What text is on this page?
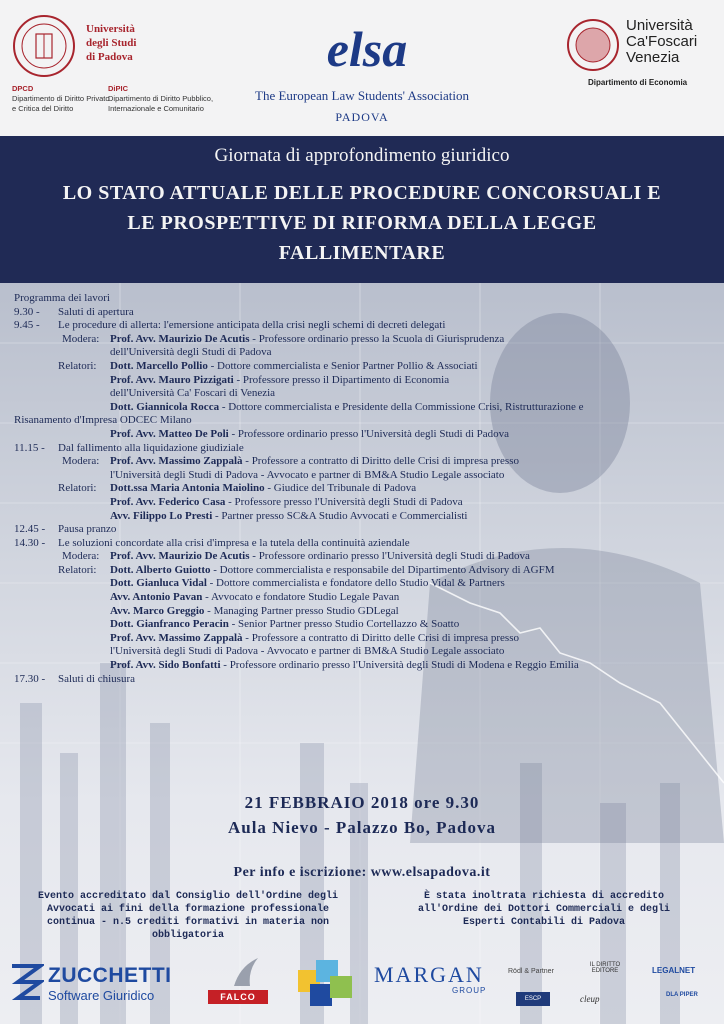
Università
degli Studi
di Padova
DPCD
Dipartimento di Diritto Privato
e Critica del Diritto
DiPIC
Dipartimento di Diritto Pubblico,
Internazionale e Comunitario
elsa
The European Law Students' Association
PADOVA
Università
Ca'Foscari
Venezia
Dipartimento di Economia
Giornata di approfondimento giuridico
LO STATO ATTUALE DELLE PROCEDURE CONCORSUALI E
LE PROSPETTIVE DI RIFORMA DELLA LEGGE
FALLIMENTARE
Programma dei lavori
9.30 - Saluti di apertura
9.45 - Le procedure di allerta: l'emersione anticipata della crisi negli schemi di decreti delegati
Modera: Prof. Avv. Maurizio De Acutis - Professore ordinario presso la Scuola di Giurisprudenza
dell'Università degli Studi di Padova
Relatori: Dott. Marcello Pollio - Dottore commercialista e Senior Partner Pollio & Associati
Prof. Avv. Mauro Pizzigati - Professore presso il Dipartimento di Economia
dell'Università Ca' Foscari di Venezia
Dott. Giannicola Rocca - Dottore commercialista e Presidente della Commissione Crisi, Ristrutturazione e
Risanamento d'Impresa ODCEC Milano
Prof. Avv. Matteo De Poli - Professore ordinario presso l'Università degli Studi di Padova
11.15 - Dal fallimento alla liquidazione giudiziale
Modera: Prof. Avv. Massimo Zappalà - Professore a contratto di Diritto delle Crisi di impresa presso
l'Università degli Studi di Padova - Avvocato e partner di BM&A Studio Legale associato
Relatori: Dott.ssa Maria Antonia Maiolino - Giudice del Tribunale di Padova
Prof. Avv. Federico Casa - Professore presso l'Università degli Studi di Padova
Avv. Filippo Lo Presti - Partner presso SC&A Studio Avvocati e Commercialisti
12.45 - Pausa pranzo
14.30 - Le soluzioni concordate alla crisi d'impresa e la tutela della continuità aziendale
Modera: Prof. Avv. Maurizio De Acutis - Professore ordinario presso l'Università degli Studi di Padova
Relatori: Dott. Alberto Guiotto - Dottore commercialista e responsabile del Dipartimento Advisory di AGFM
Dott. Gianluca Vidal - Dottore commercialista e fondatore dello Studio Vidal & Partners
Avv. Antonio Pavan - Avvocato e fondatore Studio Legale Pavan
Avv. Marco Greggio - Managing Partner presso Studio GDLegal
Dott. Gianfranco Peracin - Senior Partner presso Studio Cortellazzo & Soatto
Prof. Avv. Massimo Zappalà - Professore a contratto di Diritto delle Crisi di impresa presso
l'Università degli Studi di Padova - Avvocato e partner di BM&A Studio Legale associato
Prof. Avv. Sido Bonfatti - Professore ordinario presso l'Università degli Studi di Modena e Reggio Emilia
17.30 - Saluti di chiusura
21 FEBBRAIO 2018 ore 9.30
Aula Nievo - Palazzo Bo, Padova
Per info e iscrizione: www.elsapadova.it
Evento accreditato dal Consiglio dell'Ordine degli
Avvocati ai fini della formazione professionale
continua - n.5 crediti formativi in materia non
obbligatoria
È stata inoltrata richiesta di accredito
all'Ordine dei Dottori Commerciali e degli
Esperti Contabili di Padova
ZUCCHETTI
Software Giuridico	FALCO
MARGAN
GROUP
Rödl & Partner
ESCP
IL DIRITTO EDITORE
cleup
LEGALNET
DLA PIPER
